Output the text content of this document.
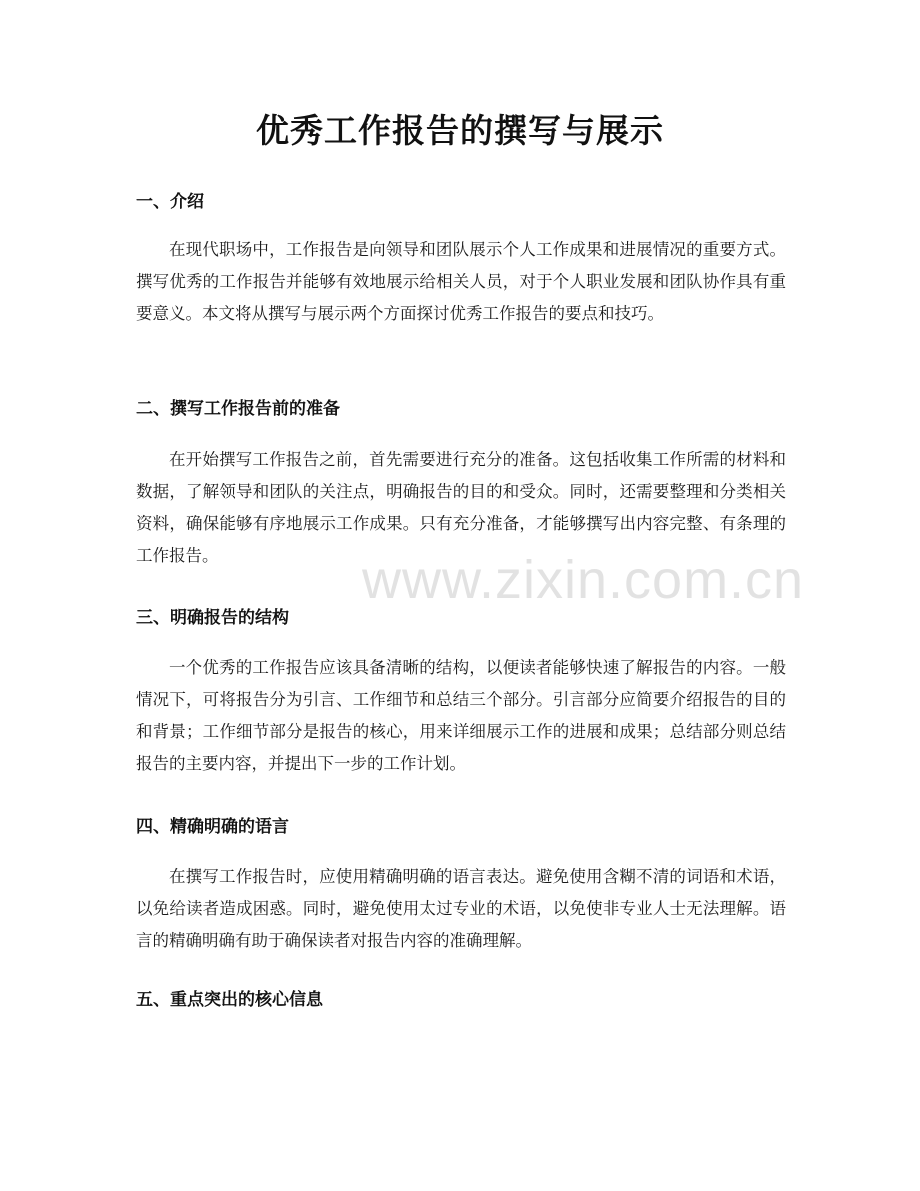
优秀工作报告的撰写与展示
一、介绍

在现代职场中，工作报告是向领导和团队展示个人工作成果和进展情况的重要方式。撰写优秀的工作报告并能够有效地展示给相关人员，对于个人职业发展和团队协作具有重要意义。本文将从撰写与展示两个方面探讨优秀工作报告的要点和技巧。

二、撰写工作报告前的准备

在开始撰写工作报告之前，首先需要进行充分的准备。这包括收集工作所需的材料和数据，了解领导和团队的关注点，明确报告的目的和受众。同时，还需要整理和分类相关资料，确保能够有序地展示工作成果。只有充分准备，才能够撰写出内容完整、有条理的工作报告。

三、明确报告的结构

一个优秀的工作报告应该具备清晰的结构，以便读者能够快速了解报告的内容。一般情况下，可将报告分为引言、工作细节和总结三个部分。引言部分应简要介绍报告的目的和背景；工作细节部分是报告的核心，用来详细展示工作的进展和成果；总结部分则总结报告的主要内容，并提出下一步的工作计划。

四、精确明确的语言

在撰写工作报告时，应使用精确明确的语言表达。避免使用含糊不清的词语和术语，以免给读者造成困惑。同时，避免使用太过专业的术语，以免使非专业人士无法理解。语言的精确明确有助于确保读者对报告内容的准确理解。

五、重点突出的核心信息
www.zixin.com.cn
